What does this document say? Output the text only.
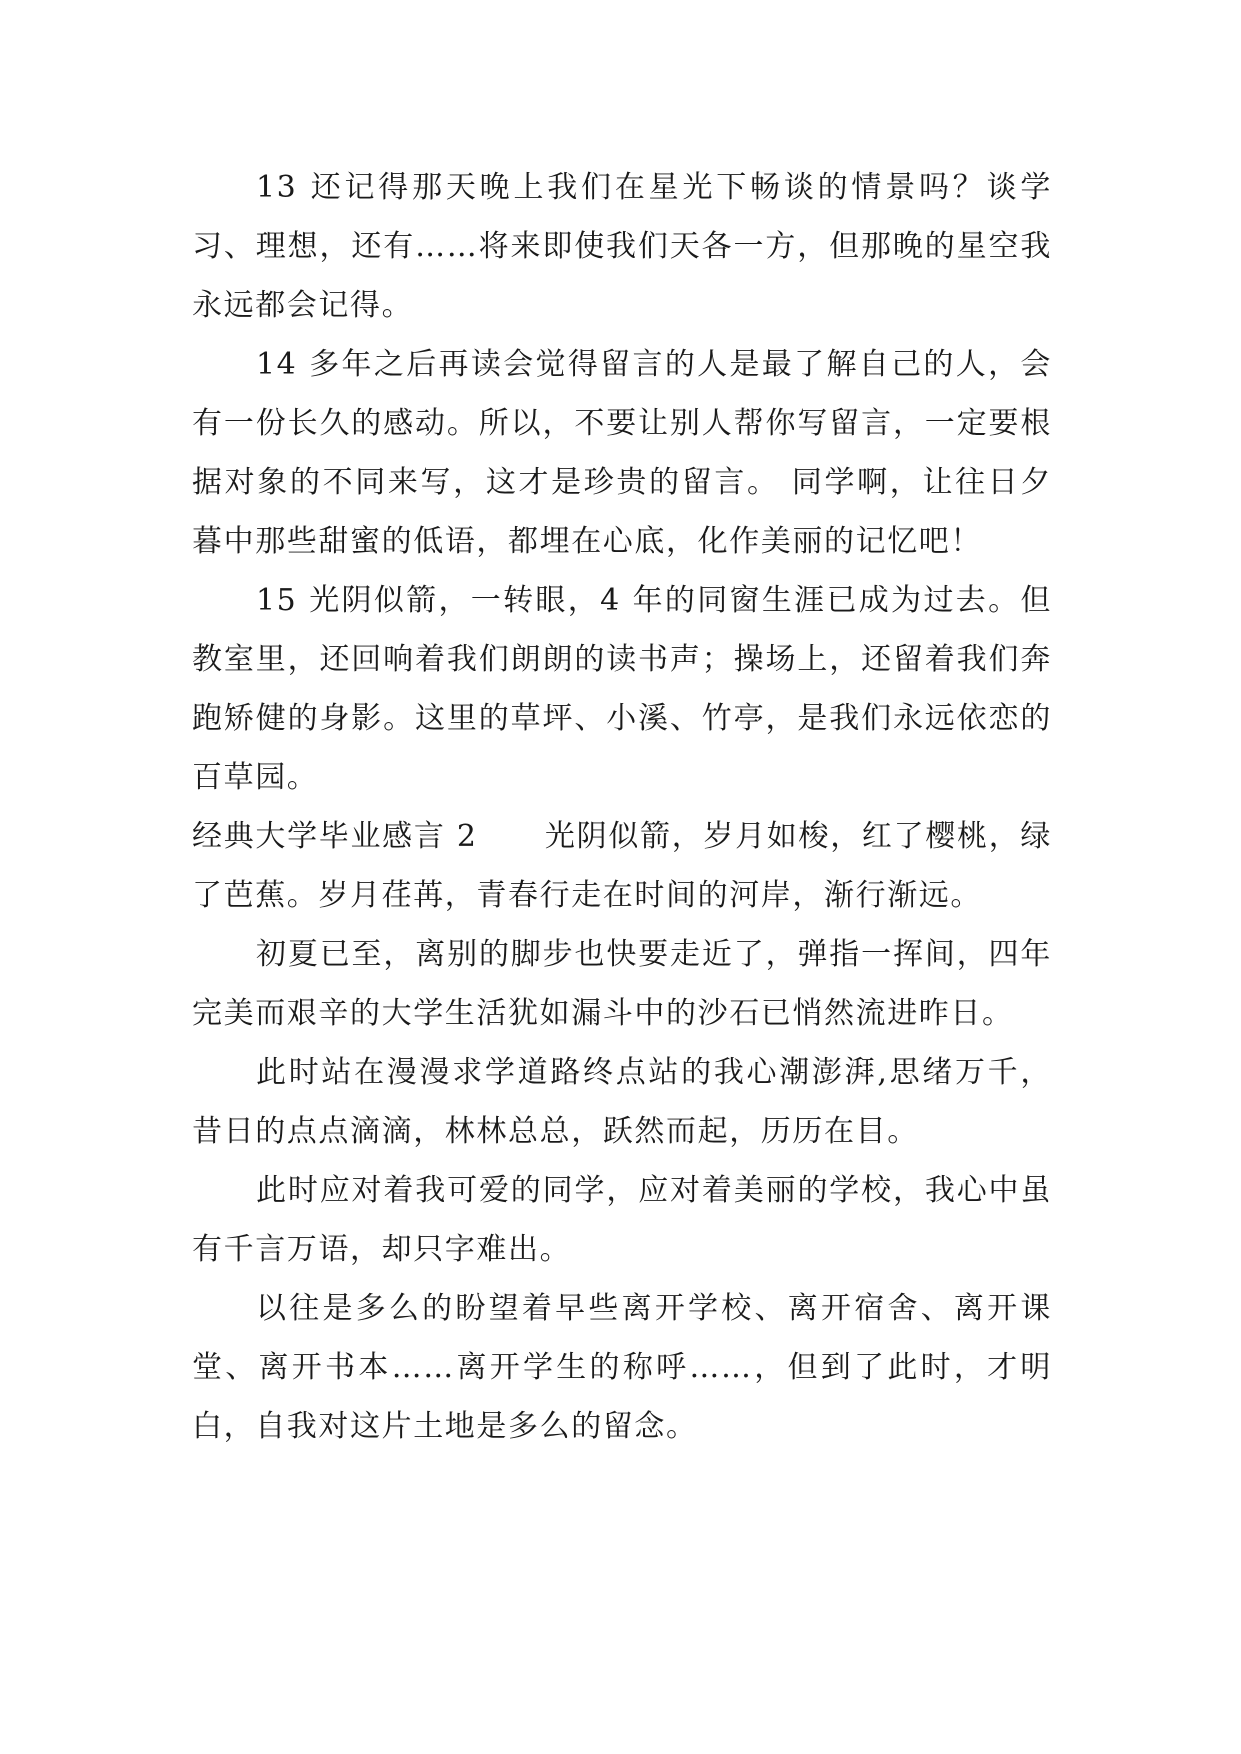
13 还记得那天晚上我们在星光下畅谈的情景吗？谈学习、理想，还有……将来即使我们天各一方，但那晚的星空我永远都会记得。

14 多年之后再读会觉得留言的人是最了解自己的人，会有一份长久的感动。所以，不要让别人帮你写留言，一定要根据对象的不同来写，这才是珍贵的留言。 同学啊，让往日夕暮中那些甜蜜的低语，都埋在心底，化作美丽的记忆吧！

15 光阴似箭，一转眼，4 年的同窗生涯已成为过去。但教室里，还回响着我们朗朗的读书声；操场上，还留着我们奔跑矫健的身影。这里的草坪、小溪、竹亭，是我们永远依恋的百草园。

经典大学毕业感言 2 光阴似箭，岁月如梭，红了樱桃，绿了芭蕉。岁月荏苒，青春行走在时间的河岸，渐行渐远。

初夏已至，离别的脚步也快要走近了，弹指一挥间，四年完美而艰辛的大学生活犹如漏斗中的沙石已悄然流进昨日。

此时站在漫漫求学道路终点站的我心潮澎湃,思绪万千，昔日的点点滴滴，林林总总，跃然而起，历历在目。

此时应对着我可爱的同学，应对着美丽的学校，我心中虽有千言万语，却只字难出。

以往是多么的盼望着早些离开学校、离开宿舍、离开课堂、离开书本……离开学生的称呼……，但到了此时，才明白，自我对这片土地是多么的留念。
